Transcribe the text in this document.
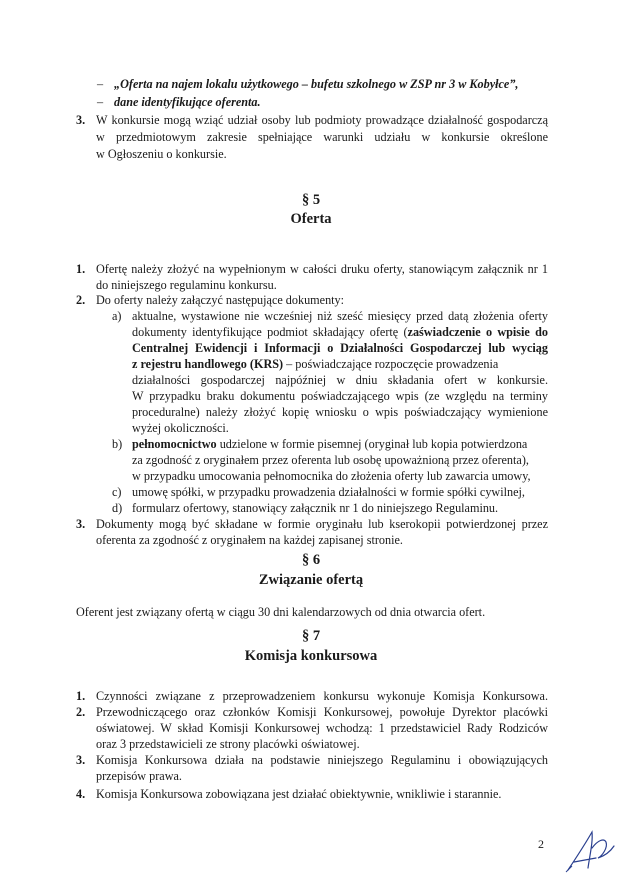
– „Oferta na najem lokalu użytkowego – bufetu szkolnego w ZSP nr 3 w Kobyłce”,
– dane identyfikujące oferenta.
3. W konkursie mogą wziąć udział osoby lub podmioty prowadzące działalność gospodarczą
w przedmiotowym zakresie spełniające warunki udziału w konkursie określone
w Ogłoszeniu o konkursie.
§ 5
Oferta
1. Ofertę należy złożyć na wypełnionym w całości druku oferty, stanowiącym załącznik nr 1
do niniejszego regulaminu konkursu.
2. Do oferty należy załączyć następujące dokumenty:
a) aktualne, wystawione nie wcześniej niż sześć miesięcy przed datą złożenia oferty
dokumenty identyfikujące podmiot składający ofertę (zaświadczenie o wpisie do
Centralnej Ewidencji i Informacji o Działalności Gospodarczej lub wyciąg
z rejestru handlowego (KRS) – poświadczające rozpoczęcie prowadzenia
działalności gospodarczej najpóźniej w dniu składania ofert w konkursie.
W przypadku braku dokumentu poświadczającego wpis (ze względu na terminy
proceduralne) należy złożyć kopię wniosku o wpis poświadczający wymienione
wyżej okoliczności.
b) pełnomocnictwo udzielone w formie pisemnej (oryginał lub kopia potwierdzona
za zgodność z oryginałem przez oferenta lub osobę upoważnioną przez oferenta),
w przypadku umocowania pełnomocnika do złożenia oferty lub zawarcia umowy,
c) umowę spółki, w przypadku prowadzenia działalności w formie spółki cywilnej,
d) formularz ofertowy, stanowiący załącznik nr 1 do niniejszego Regulaminu.
3. Dokumenty mogą być składane w formie oryginału lub kserokopii potwierdzonej przez
oferenta za zgodność z oryginałem na każdej zapisanej stronie.
§ 6
Związanie ofertą
Oferent jest związany ofertą w ciągu 30 dni kalendarzowych od dnia otwarcia ofert.
§ 7
Komisja konkursowa
1. Czynności związane z przeprowadzeniem konkursu wykonuje Komisja Konkursowa.
2. Przewodniczącego oraz członków Komisji Konkursowej, powołuje Dyrektor placówki
oświatowej. W skład Komisji Konkursowej wchodzą: 1 przedstawiciel Rady Rodziców
oraz 3 przedstawicieli ze strony placówki oświatowej.
3. Komisja Konkursowa działa na podstawie niniejszego Regulaminu i obowiązujących
przepisów prawa.
4. Komisja Konkursowa zobowiązana jest działać obiektywnie, wnikliwie i starannie.
2
